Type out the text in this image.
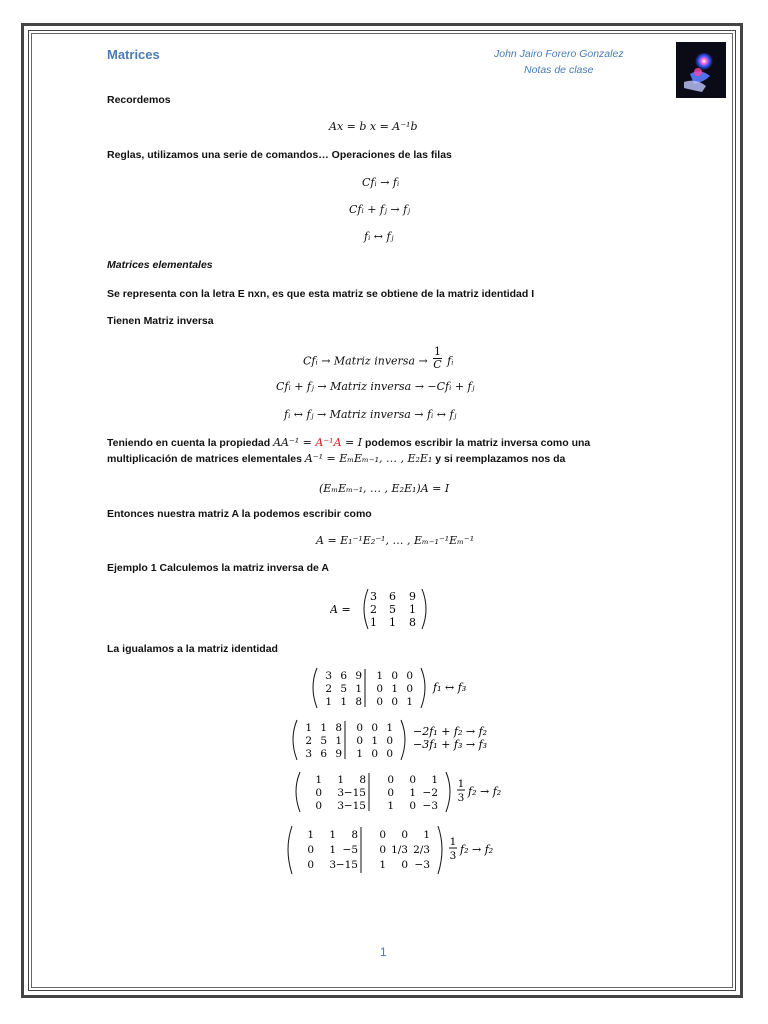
Matrices	John Jairo Forero Gonzalez
Notas de clase
Recordemos
Ax = b x = A⁻¹b
Reglas, utilizamos una serie de comandos… Operaciones de las filas
Cfᵢ → fᵢ
Cfᵢ + fⱼ → fⱼ
fᵢ ↔ fⱼ
Matrices elementales
Se representa con la letra E nxn, es que esta matriz se obtiene de la matriz identidad I
Tienen Matriz inversa
Cfᵢ → Matriz inversa → $\frac{1}{C}$ fᵢ
Cfᵢ + fⱼ → Matriz inversa → −Cfᵢ + fⱼ
fᵢ ↔ fⱼ → Matriz inversa → fᵢ ↔ fⱼ
Teniendo en cuenta la propiedad AA⁻¹ = A⁻¹A = I podemos escribir la matriz inversa como una
multiplicación de matrices elementales A⁻¹ = EₘEₘ₋₁, … , E₂E₁ y si reemplazamos nos da
(EₘEₘ₋₁, … , E₂E₁)A = I
Entonces nuestra matriz A la podemos escribir como
A = E₁⁻¹E₂⁻¹, … , Eₘ₋₁⁻¹Eₘ⁻¹
Ejemplo 1 Calculemos la matriz inversa de A
A =
3 6 9
2 5 1
1 1 8
La igualamos a la matriz identidad
3 6 9 1 0 0
2 5 1 0 1 0
1 1 8 0 0 1
f₁ ↔ f₃
1 1 8 0 0 1
2 5 1 0 1 0
3 6 9 1 0 0
−2f₁ + f₂ → f₂
−3f₁ + f₃ → f₃
1 1 8 0 0 1
0 3 −15 0 1 −2
0 3 −15 1 0 −3
1
3 f₂ → f₂
1 1 8 0 0 1
0 1 −5 0 1/3 2/3
0 3 −15 1 0 −3
1
3 f₂ → f₂
1
